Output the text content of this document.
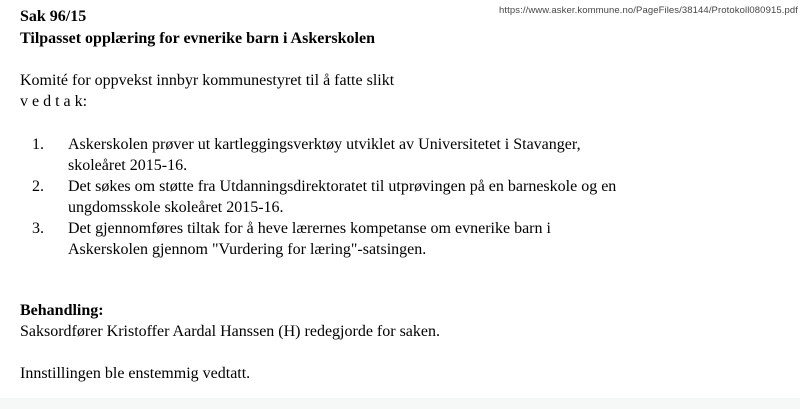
https://www.asker.kommune.no/PageFiles/38144/Protokoll080915.pdf
Sak 96/15
Tilpasset opplæring for evnerike barn i Askerskolen
Komité for oppvekst innbyr kommunestyret til å fatte slikt
v e d t a k:
1.	Askerskolen prøver ut kartleggingsverktøy utviklet av Universitetet i Stavanger,
skoleåret 2015-16.
2.	Det søkes om støtte fra Utdanningsdirektoratet til utprøvingen på en barneskole og en
ungdomsskole skoleåret 2015-16.
3.	Det gjennomføres tiltak for å heve lærernes kompetanse om evnerike barn i
Askerskolen gjennom "Vurdering for læring"-satsingen.
Behandling:
Saksordfører Kristoffer Aardal Hanssen (H) redegjorde for saken.
Innstillingen ble enstemmig vedtatt.
